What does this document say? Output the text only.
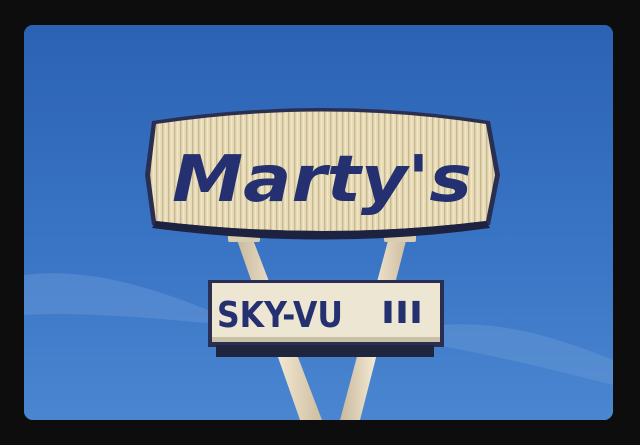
Marty's
SKY-VU III
